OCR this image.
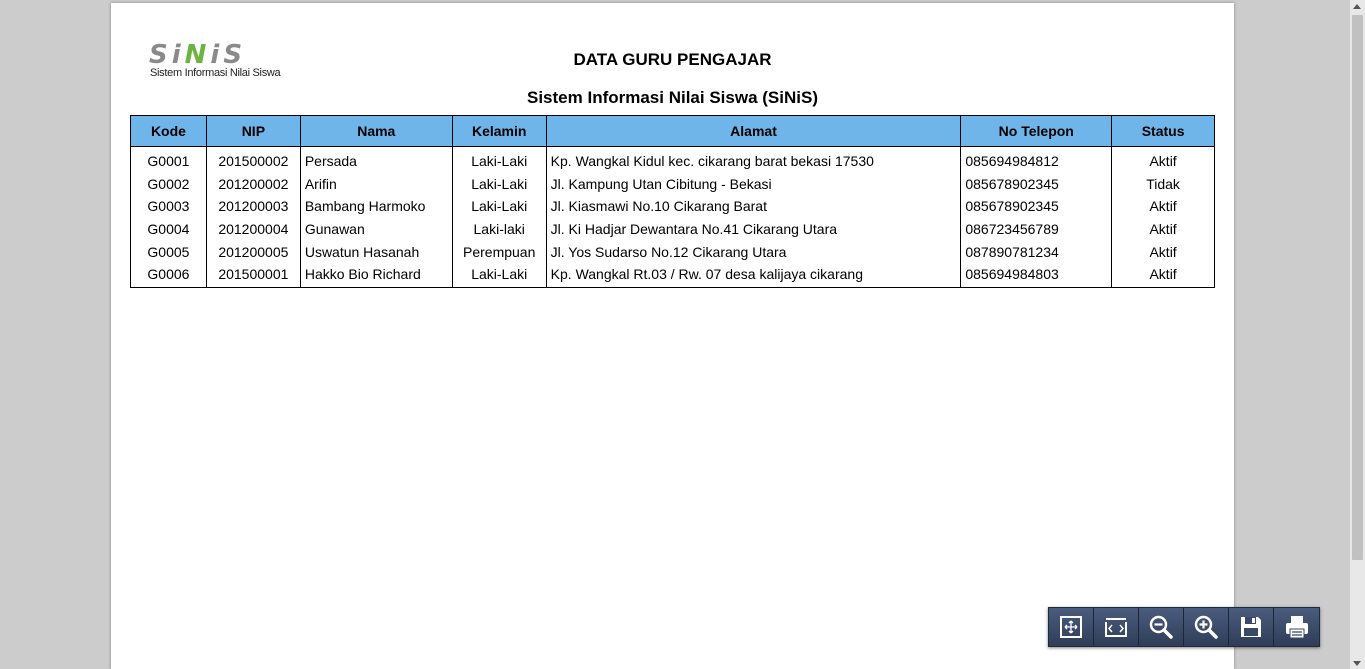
SiNiS
Sistem Informasi Nilai Siswa
DATA GURU PENGAJAR
Sistem Informasi Nilai Siswa (SiNiS)
Kode	NIP	Nama	Kelamin	Alamat	No Telepon	Status
G0001	201500002	Persada	Laki-Laki	Kp. Wangkal Kidul kec. cikarang barat bekasi 17530	085694984812	Aktif
G0002	201200002	Arifin	Laki-Laki	Jl. Kampung Utan Cibitung - Bekasi	085678902345	Tidak
G0003	201200003	Bambang Harmoko	Laki-Laki	Jl. Kiasmawi No.10 Cikarang Barat	085678902345	Aktif
G0004	201200004	Gunawan	Laki-laki	Jl. Ki Hadjar Dewantara No.41 Cikarang Utara	086723456789	Aktif
G0005	201200005	Uswatun Hasanah	Perempuan	Jl. Yos Sudarso No.12 Cikarang Utara	087890781234	Aktif
G0006	201500001	Hakko Bio Richard	Laki-Laki	Kp. Wangkal Rt.03 / Rw. 07 desa kalijaya cikarang	085694984803	Aktif
